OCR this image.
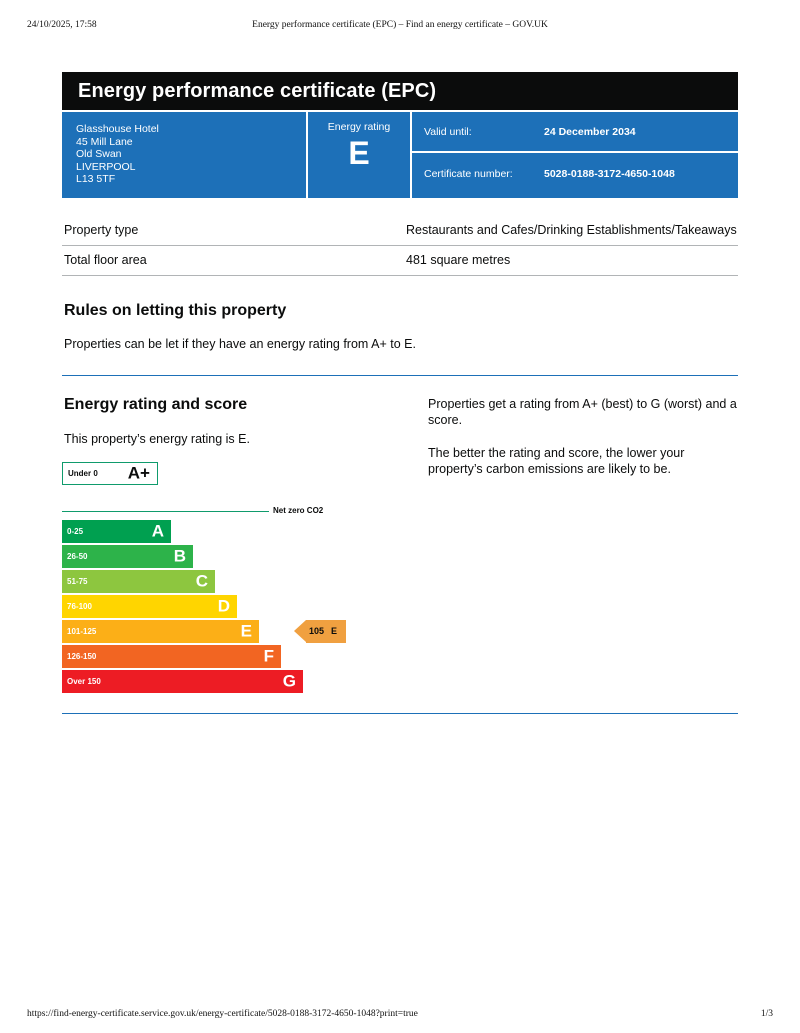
24/10/2025, 17:58	Energy performance certificate (EPC) – Find an energy certificate – GOV.UK
Energy performance certificate (EPC)
Glasshouse Hotel
45 Mill Lane
Old Swan
LIVERPOOL
L13 5TF
Energy rating
E
Valid until:	24 December 2034
Certificate number:	5028-0188-3172-4650-1048
Property type	Restaurants and Cafes/Drinking Establishments/Takeaways
Total floor area	481 square metres
Rules on letting this property

Properties can be let if they have an energy rating from A+ to E.

Energy rating and score

This property’s energy rating is E.

Properties get a rating from A+ (best) to G (worst) and a score.

The better the rating and score, the lower your property’s carbon emissions are likely to be.

Under 0 A+
Net zero CO2
0-25	A
26-50	B
51-75	C
76-100	D
101-125	E	105 E
126-150	F
Over 150	G
https://find-energy-certificate.service.gov.uk/energy-certificate/5028-0188-3172-4650-1048?print=true	1/3
